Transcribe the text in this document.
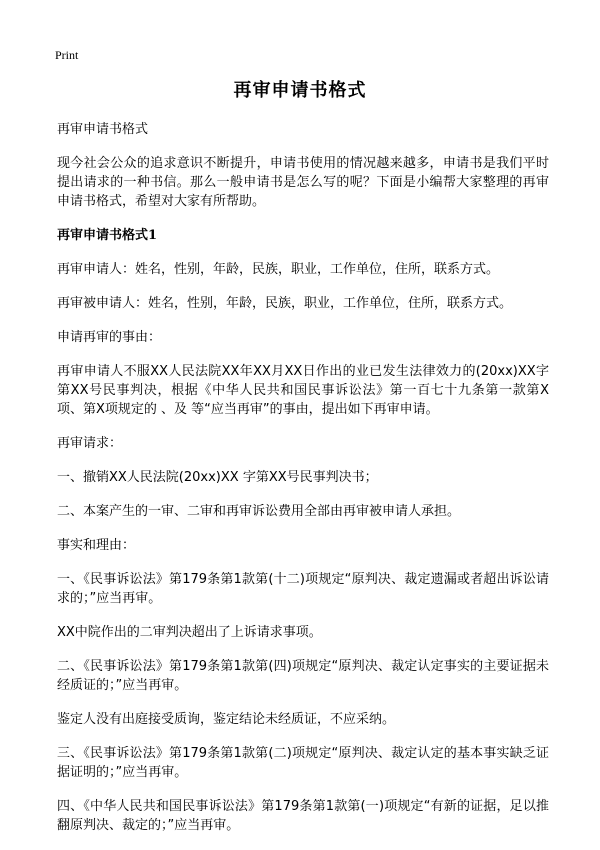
Print
再审申请书格式

再审申请书格式

现今社会公众的追求意识不断提升，申请书使用的情况越来越多，申请书是我们平时提出请求的一种书信。那么一般申请书是怎么写的呢？下面是小编帮大家整理的再审申请书格式，希望对大家有所帮助。

再审申请书格式1

再审申请人：姓名，性别，年龄，民族，职业，工作单位，住所，联系方式。

再审被申请人：姓名，性别，年龄，民族，职业，工作单位，住所，联系方式。

申请再审的事由：

再审申请人不服XX人民法院XX年XX月XX日作出的业已发生法律效力的(20xx)XX字第XX号民事判决，根据《中华人民共和国民事诉讼法》第一百七十九条第一款第X项、第X项规定的 、及 等“应当再审”的事由，提出如下再审申请。

再审请求：

一、撤销XX人民法院(20xx)XX 字第XX号民事判决书；

二、本案产生的一审、二审和再审诉讼费用全部由再审被申请人承担。

事实和理由：

一、《民事诉讼法》第179条第1款第(十二)项规定“原判决、裁定遗漏或者超出诉讼请求的；”应当再审。

XX中院作出的二审判决超出了上诉请求事项。

二、《民事诉讼法》第179条第1款第(四)项规定“原判决、裁定认定事实的主要证据未经质证的；”应当再审。

鉴定人没有出庭接受质询，鉴定结论未经质证，不应采纳。

三、《民事诉讼法》第179条第1款第(二)项规定“原判决、裁定认定的基本事实缺乏证据证明的；”应当再审。

四、《中华人民共和国民事诉讼法》第179条第1款第(一)项规定“有新的证据，足以推翻原判决、裁定的；”应当再审。
